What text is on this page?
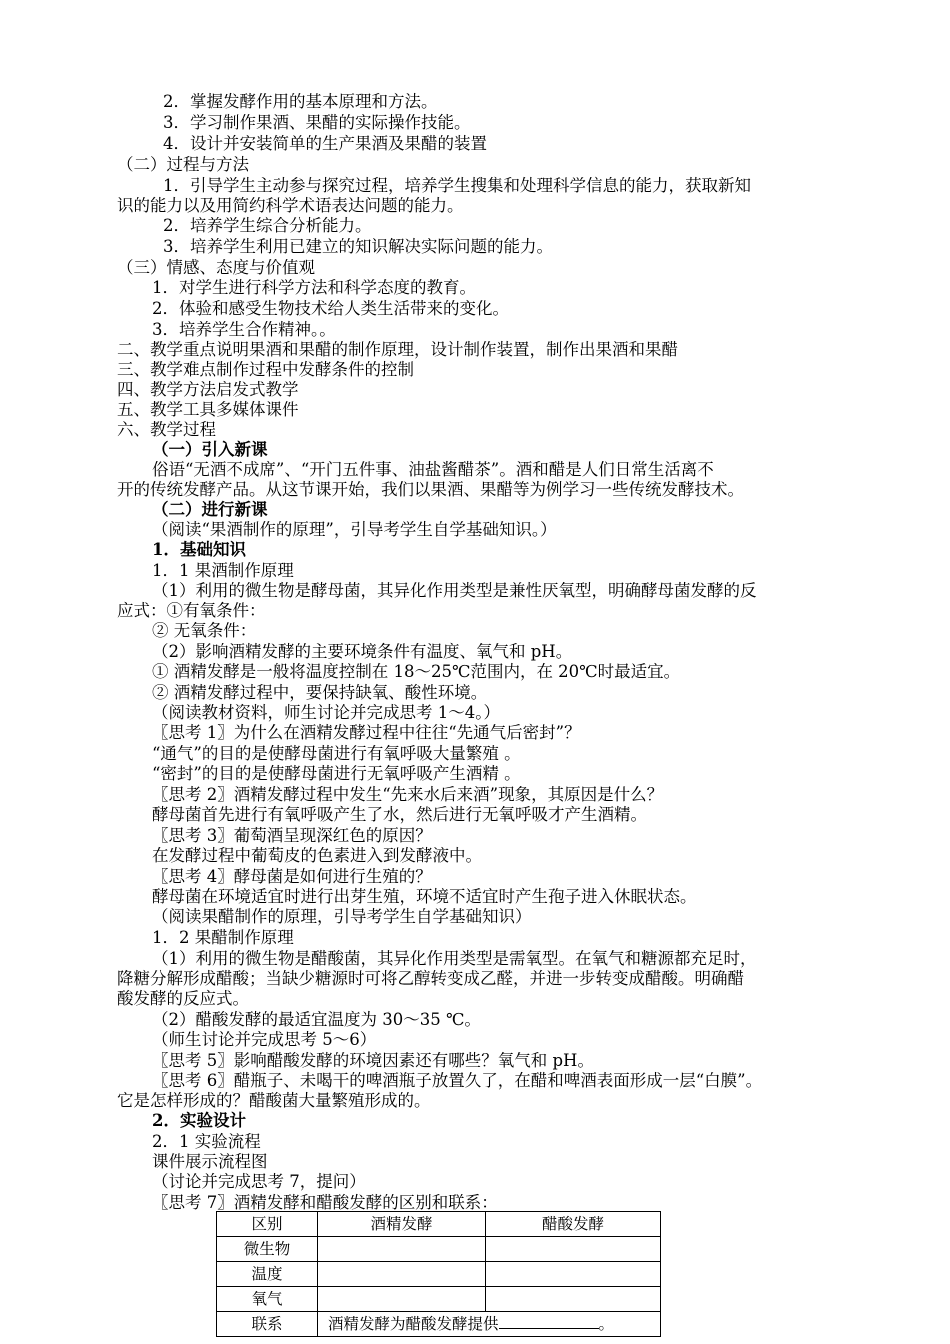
2．掌握发酵作用的基本原理和方法。
3．学习制作果酒、果醋的实际操作技能。
4．设计并安装简单的生产果酒及果醋的装置
（二）过程与方法
1．引导学生主动参与探究过程，培养学生搜集和处理科学信息的能力，获取新知
识的能力以及用简约科学术语表达问题的能力。
2．培养学生综合分析能力。
3．培养学生利用已建立的知识解决实际问题的能力。
（三）情感、态度与价值观
1．对学生进行科学方法和科学态度的教育。
2．体验和感受生物技术给人类生活带来的变化。
3．培养学生合作精神。。
二、教学重点说明果酒和果醋的制作原理，设计制作装置，制作出果酒和果醋
三、教学难点制作过程中发酵条件的控制
四、教学方法启发式教学
五、教学工具多媒体课件
六、教学过程
（一）引入新课
俗语“无酒不成席”、“开门五件事、油盐酱醋茶”。酒和醋是人们日常生活离不
开的传统发酵产品。从这节课开始，我们以果酒、果醋等为例学习一些传统发酵技术。
（二）进行新课
（阅读“果酒制作的原理”，引导考学生自学基础知识。）
1．基础知识
1．1 果酒制作原理
（1）利用的微生物是酵母菌，其异化作用类型是兼性厌氧型，明确酵母菌发酵的反
应式：①有氧条件：
② 无氧条件：
（2）影响酒精发酵的主要环境条件有温度、氧气和 pH。
① 酒精发酵是一般将温度控制在 18～25℃范围内，在 20℃时最适宜。
② 酒精发酵过程中，要保持缺氧、酸性环境。
（阅读教材资料，师生讨论并完成思考 1～4。）
〖思考 1〗为什么在酒精发酵过程中往往“先通气后密封”？
“通气”的目的是使酵母菌进行有氧呼吸大量繁殖 。
“密封”的目的是使酵母菌进行无氧呼吸产生酒精 。
〖思考 2〗酒精发酵过程中发生“先来水后来酒”现象，其原因是什么？
酵母菌首先进行有氧呼吸产生了水，然后进行无氧呼吸才产生酒精。
〖思考 3〗葡萄酒呈现深红色的原因？
在发酵过程中葡萄皮的色素进入到发酵液中。
〖思考 4〗酵母菌是如何进行生殖的？
酵母菌在环境适宜时进行出芽生殖，环境不适宜时产生孢子进入休眠状态。
（阅读果醋制作的原理，引导考学生自学基础知识）
1．2 果醋制作原理
（1）利用的微生物是醋酸菌，其异化作用类型是需氧型。在氧气和糖源都充足时，
降糖分解形成醋酸；当缺少糖源时可将乙醇转变成乙醛，并进一步转变成醋酸。明确醋
酸发酵的反应式。
（2）醋酸发酵的最适宜温度为 30～35 ℃。
（师生讨论并完成思考 5～6）
〖思考 5〗影响醋酸发酵的环境因素还有哪些？氧气和 pH。
〖思考 6〗醋瓶子、未喝干的啤酒瓶子放置久了，在醋和啤酒表面形成一层“白膜”。
它是怎样形成的？醋酸菌大量繁殖形成的。
2．实验设计
2．1 实验流程
课件展示流程图
（讨论并完成思考 7，提问）
〖思考 7〗酒精发酵和醋酸发酵的区别和联系：
区别	酒精发酵	醋酸发酵
微生物		
温度		
氧气		
联系	酒精发酵为醋酸发酵提供 。	
